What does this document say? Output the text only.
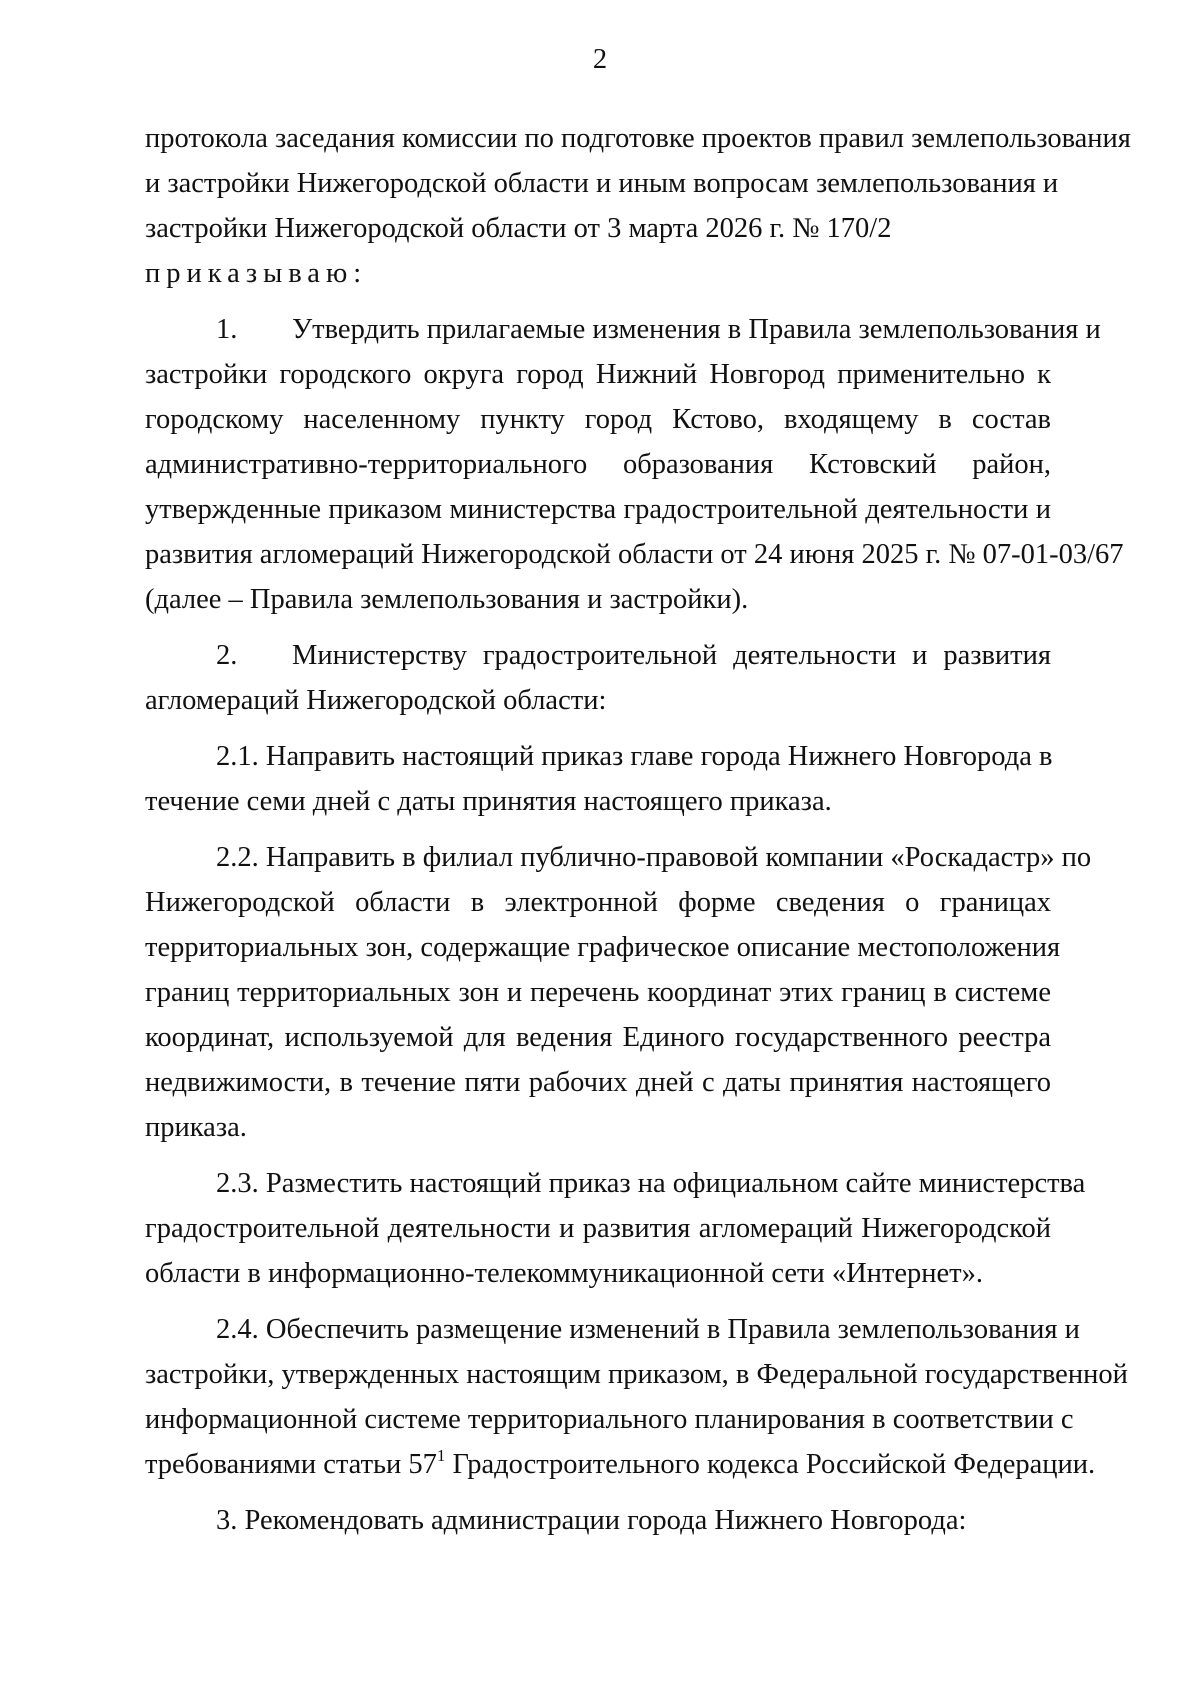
2
протокола заседания комиссии по подготовке проектов правил землепользования
и застройки Нижегородской области и иным вопросам землепользования и
застройки Нижегородской области от 3 марта 2026 г. № 170/2
приказываю:
1. Утвердить прилагаемые изменения в Правила землепользования и
застройки городского округа город Нижний Новгород применительно к
городскому населенному пункту город Кстово, входящему в состав
административно-территориального образования Кстовский район,
утвержденные приказом министерства градостроительной деятельности и
развития агломераций Нижегородской области от 24 июня 2025 г. № 07-01-03/67
(далее – Правила землепользования и застройки).
2. Министерству градостроительной деятельности и развития
агломераций Нижегородской области:
2.1. Направить настоящий приказ главе города Нижнего Новгорода в
течение семи дней с даты принятия настоящего приказа.
2.2. Направить в филиал публично-правовой компании «Роскадастр» по
Нижегородской области в электронной форме сведения о границах
территориальных зон, содержащие графическое описание местоположения
границ территориальных зон и перечень координат этих границ в системе
координат, используемой для ведения Единого государственного реестра
недвижимости, в течение пяти рабочих дней с даты принятия настоящего
приказа.
2.3. Разместить настоящий приказ на официальном сайте министерства
градостроительной деятельности и развития агломераций Нижегородской
области в информационно-телекоммуникационной сети «Интернет».
2.4. Обеспечить размещение изменений в Правила землепользования и
застройки, утвержденных настоящим приказом, в Федеральной государственной
информационной системе территориального планирования в соответствии с
требованиями статьи $57^1$ Градостроительного кодекса Российской Федерации.
3. Рекомендовать администрации города Нижнего Новгорода:
